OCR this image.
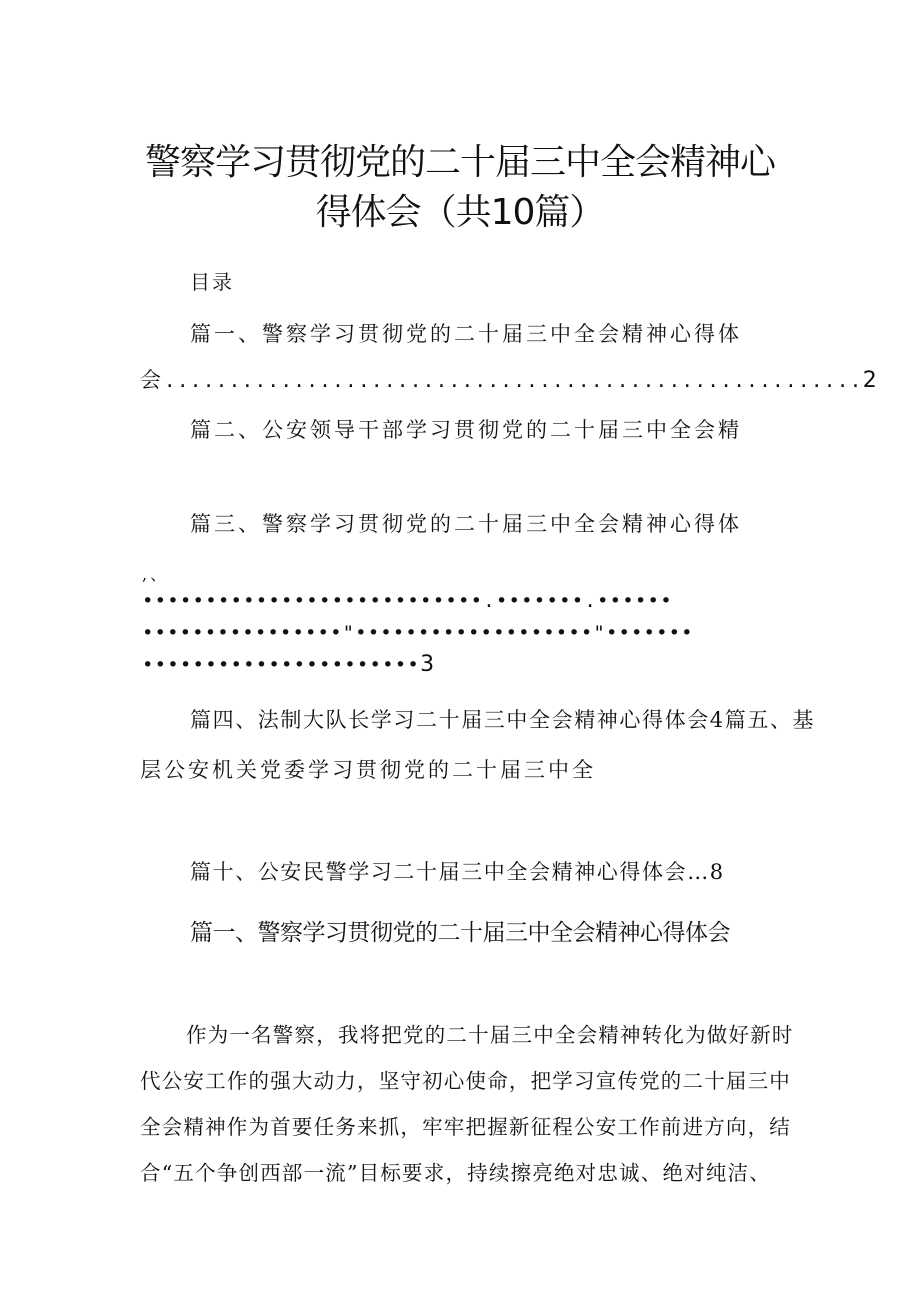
警察学习贯彻党的二十届三中全会精神心
得体会（共10篇）
目录
篇一、警察学习贯彻党的二十届三中全会精神心得体
会......................................................2
篇二、公安领导干部学习贯彻党的二十届三中全会精
篇三、警察学习贯彻党的二十届三中全会精神心得体
,、
•••••••••••••••••••••••••••.•••••••.••••••
••••••••••••••••"•••••••••••••••••••"•••••••
••••••••••••••••••••••3
篇四、法制大队长学习二十届三中全会精神心得体会4篇五、基
层公安机关党委学习贯彻党的二十届三中全
篇十、公安民警学习二十届三中全会精神心得体会…8
篇一、警察学习贯彻党的二十届三中全会精神心得体会
作为一名警察，我将把党的二十届三中全会精神转化为做好新时
代公安工作的强大动力，坚守初心使命，把学习宣传党的二十届三中
全会精神作为首要任务来抓，牢牢把握新征程公安工作前进方向，结
合“五个争创西部一流”目标要求，持续擦亮绝对忠诚、绝对纯洁、
